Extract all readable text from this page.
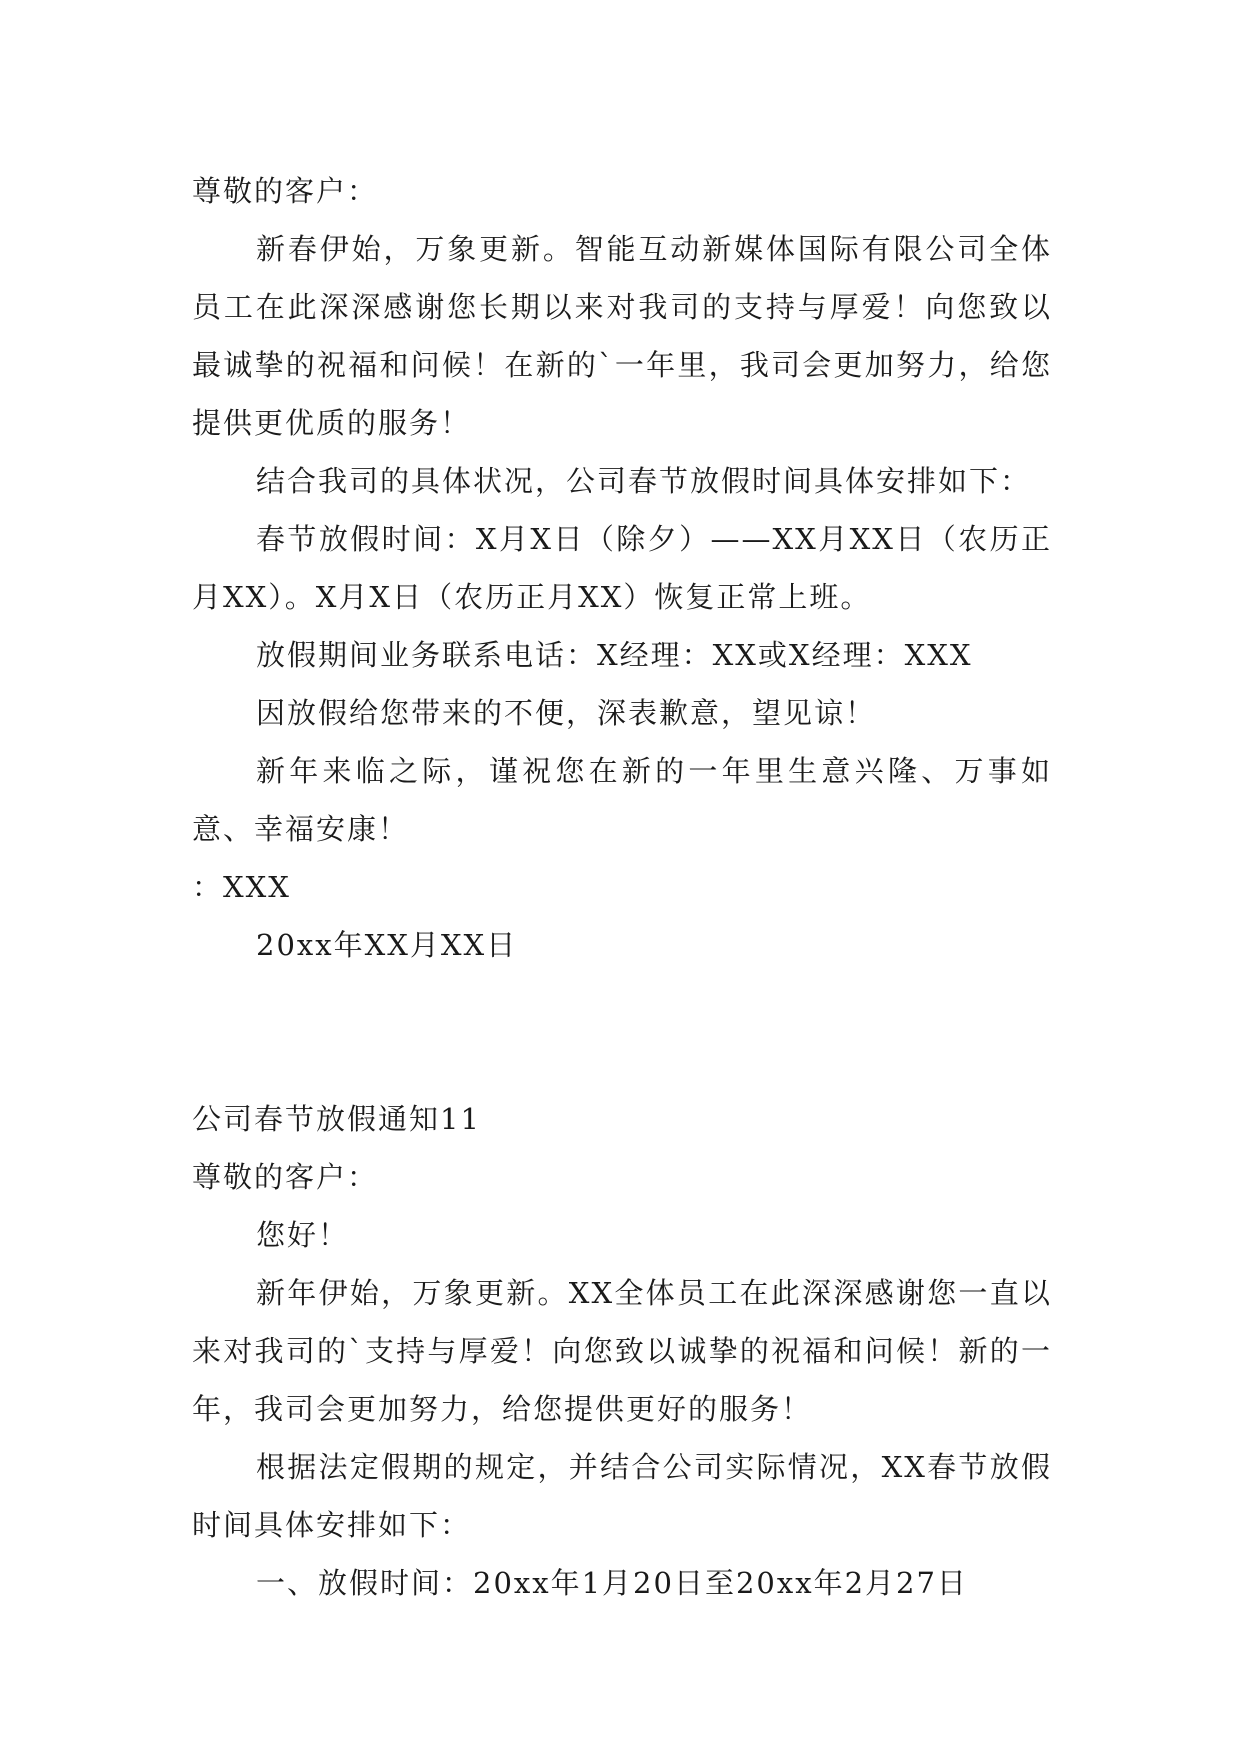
尊敬的客户：

新春伊始，万象更新。智能互动新媒体国际有限公司全体员工在此深深感谢您长期以来对我司的支持与厚爱！向您致以最诚挚的祝福和问候！在新的`一年里，我司会更加努力，给您提供更优质的服务！

结合我司的具体状况，公司春节放假时间具体安排如下：

春节放假时间：X月X日（除夕）——XX月XX日（农历正月XX）。X月X日（农历正月XX）恢复正常上班。

放假期间业务联系电话：X经理：XX或X经理：XXX

因放假给您带来的不便，深表歉意，望见谅！

新年来临之际，谨祝您在新的一年里生意兴隆、万事如意、幸福安康！

：XXX

20xx年XX月XX日

公司春节放假通知11

尊敬的客户：

您好！

新年伊始，万象更新。XX全体员工在此深深感谢您一直以来对我司的`支持与厚爱！向您致以诚挚的祝福和问候！新的一年，我司会更加努力，给您提供更好的服务！

根据法定假期的规定，并结合公司实际情况，XX春节放假时间具体安排如下：

一、放假时间：20xx年1月20日至20xx年2月27日
